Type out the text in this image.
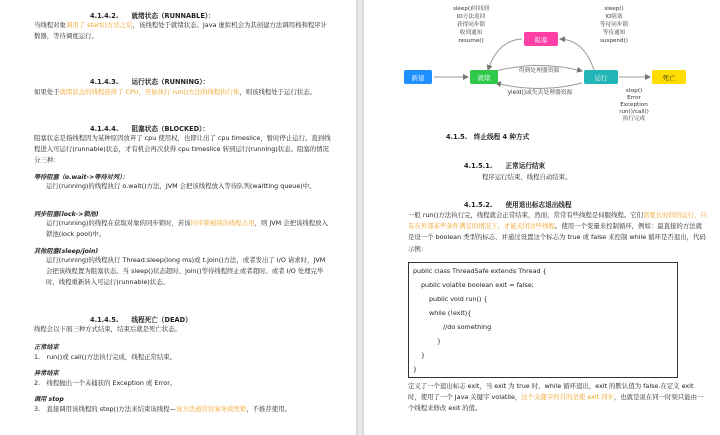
4.1.4.2.　　就绪状态（RUNNABLE）：
当线程对象调用了 start()方法之后，该线程处于就绪状态。Java 虚拟机会为其创建方法调用栈和程序计数器，等待调度运行。
4.1.4.3.　　运行状态（RUNNING）：
如果处于就绪状态的线程获得了 CPU，开始执行 run()方法的线程执行体，则该线程处于运行状态。
4.1.4.4.　　阻塞状态（BLOCKED）：
阻塞状态是指线程因为某种原因放弃了 cpu 使用权，也即让出了 cpu timeslice，暂时停止运行。直到线程进入可运行(runnable)状态，才有机会再次获得 cpu timeslice 转到运行(running)状态。阻塞的情况分三种：
等待阻塞（o.wait->等待对列）：
运行(running)的线程执行 o.wait()方法，JVM 会把该线程放入等待队列(waitting queue)中。
同步阻塞(lock->锁池)
运行(running)的线程在获取对象的同步锁时，若该同步锁被别的线程占用，则 JVM 会把该线程放入锁池(lock pool)中。
其他阻塞(sleep/join)
运行(running)的线程执行 Thread.sleep(long ms)或 t.join()方法，或者发出了 I/O 请求时，JVM 会把该线程置为阻塞状态。当 sleep()状态超时、join()等待线程终止或者超时、或者 I/O 处理完毕时，线程重新转入可运行(runnable)状态。
4.1.4.5.　　线程死亡（DEAD）
线程会以下面三种方式结束，结束后就是死亡状态。
正常结束
1.　run()或 call()方法执行完成，线程正常结束。
异常结束
2.　线程抛出一个未捕获的 Exception 或 Error。
调用 stop
3.　直接调用该线程的 stop()方法来结束该线程—该方法通常容易导致死锁，不推荐使用。
新建	就绪
阻塞
运行	死亡
得到处理器资源
yield()或失去处理器资源
sleep()时间到
IO方法返回
获得同步锁
收到通知
resume()
sleep()
IO阻塞
等待同步锁
等待通知
suspend()
stop()
Error
Exception
run()/call()
执行完成
4.1.5.　终止线程 4 种方式
4.1.5.1.　　正常运行结束
程序运行结束，线程自动结束。
4.1.5.2.　　使用退出标志退出线程
一般 run()方法执行完，线程就会正常结束，然而，常常有些线程是伺服线程。它们需要长时间的运行，只有在外部某些条件满足的情况下，才能关闭这些线程。使用一个变量来控制循环，例如：最直接的方法就是设一个 boolean 类型的标志，并通过设置这个标志为 true 或 false 来控制 while 循环是否退出，代码示例：
public class ThreadSafe extends Thread {
public volatile boolean exit = false;
public void run() {
while (!exit){
//do something
}
}
}
定义了一个退出标志 exit，当 exit 为 true 时，while 循环退出，exit 的默认值为 false.在定义 exit 时，使用了一个 Java 关键字 volatile，这个关键字的目的是使 exit 同步，也就是说在同一时刻只能由一个线程来修改 exit 的值。
